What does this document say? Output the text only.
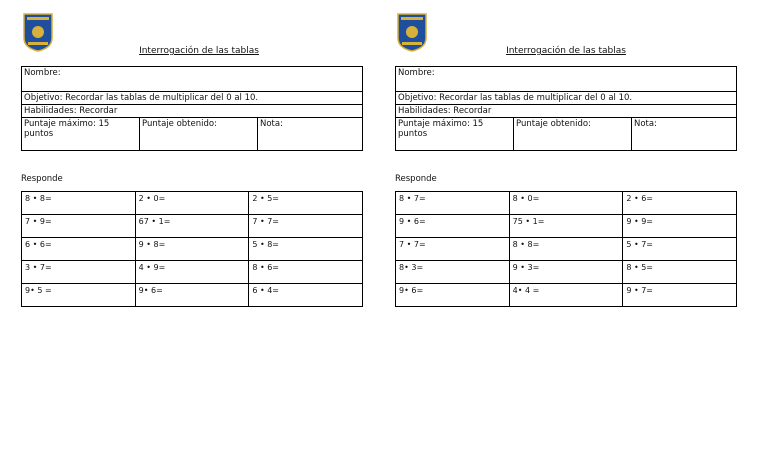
Interrogación de las tablas
Nombre:
Objetivo: Recordar las tablas de multiplicar del 0 al 10.
Habilidades: Recordar
Puntaje máximo: 15 puntos	Puntaje obtenido:	Nota:
Responde
8 • 8=	2 • 0=	2 • 5=
7 • 9=	67 • 1=	7 • 7=
6 • 6=	9 • 8=	5 • 8=
3 • 7=	4 • 9=	8 • 6=
9• 5 =	9• 6=	6 • 4=
Interrogación de las tablas
Nombre:
Objetivo: Recordar las tablas de multiplicar del 0 al 10.
Habilidades: Recordar
Puntaje máximo: 15 puntos	Puntaje obtenido:	Nota:
Responde
8 • 7=	8 • 0=	2 • 6=
9 • 6=	75 • 1=	9 • 9=
7 • 7=	8 • 8=	5 • 7=
8• 3=	9 • 3=	8 • 5=
9• 6=	4• 4 =	9 • 7=
